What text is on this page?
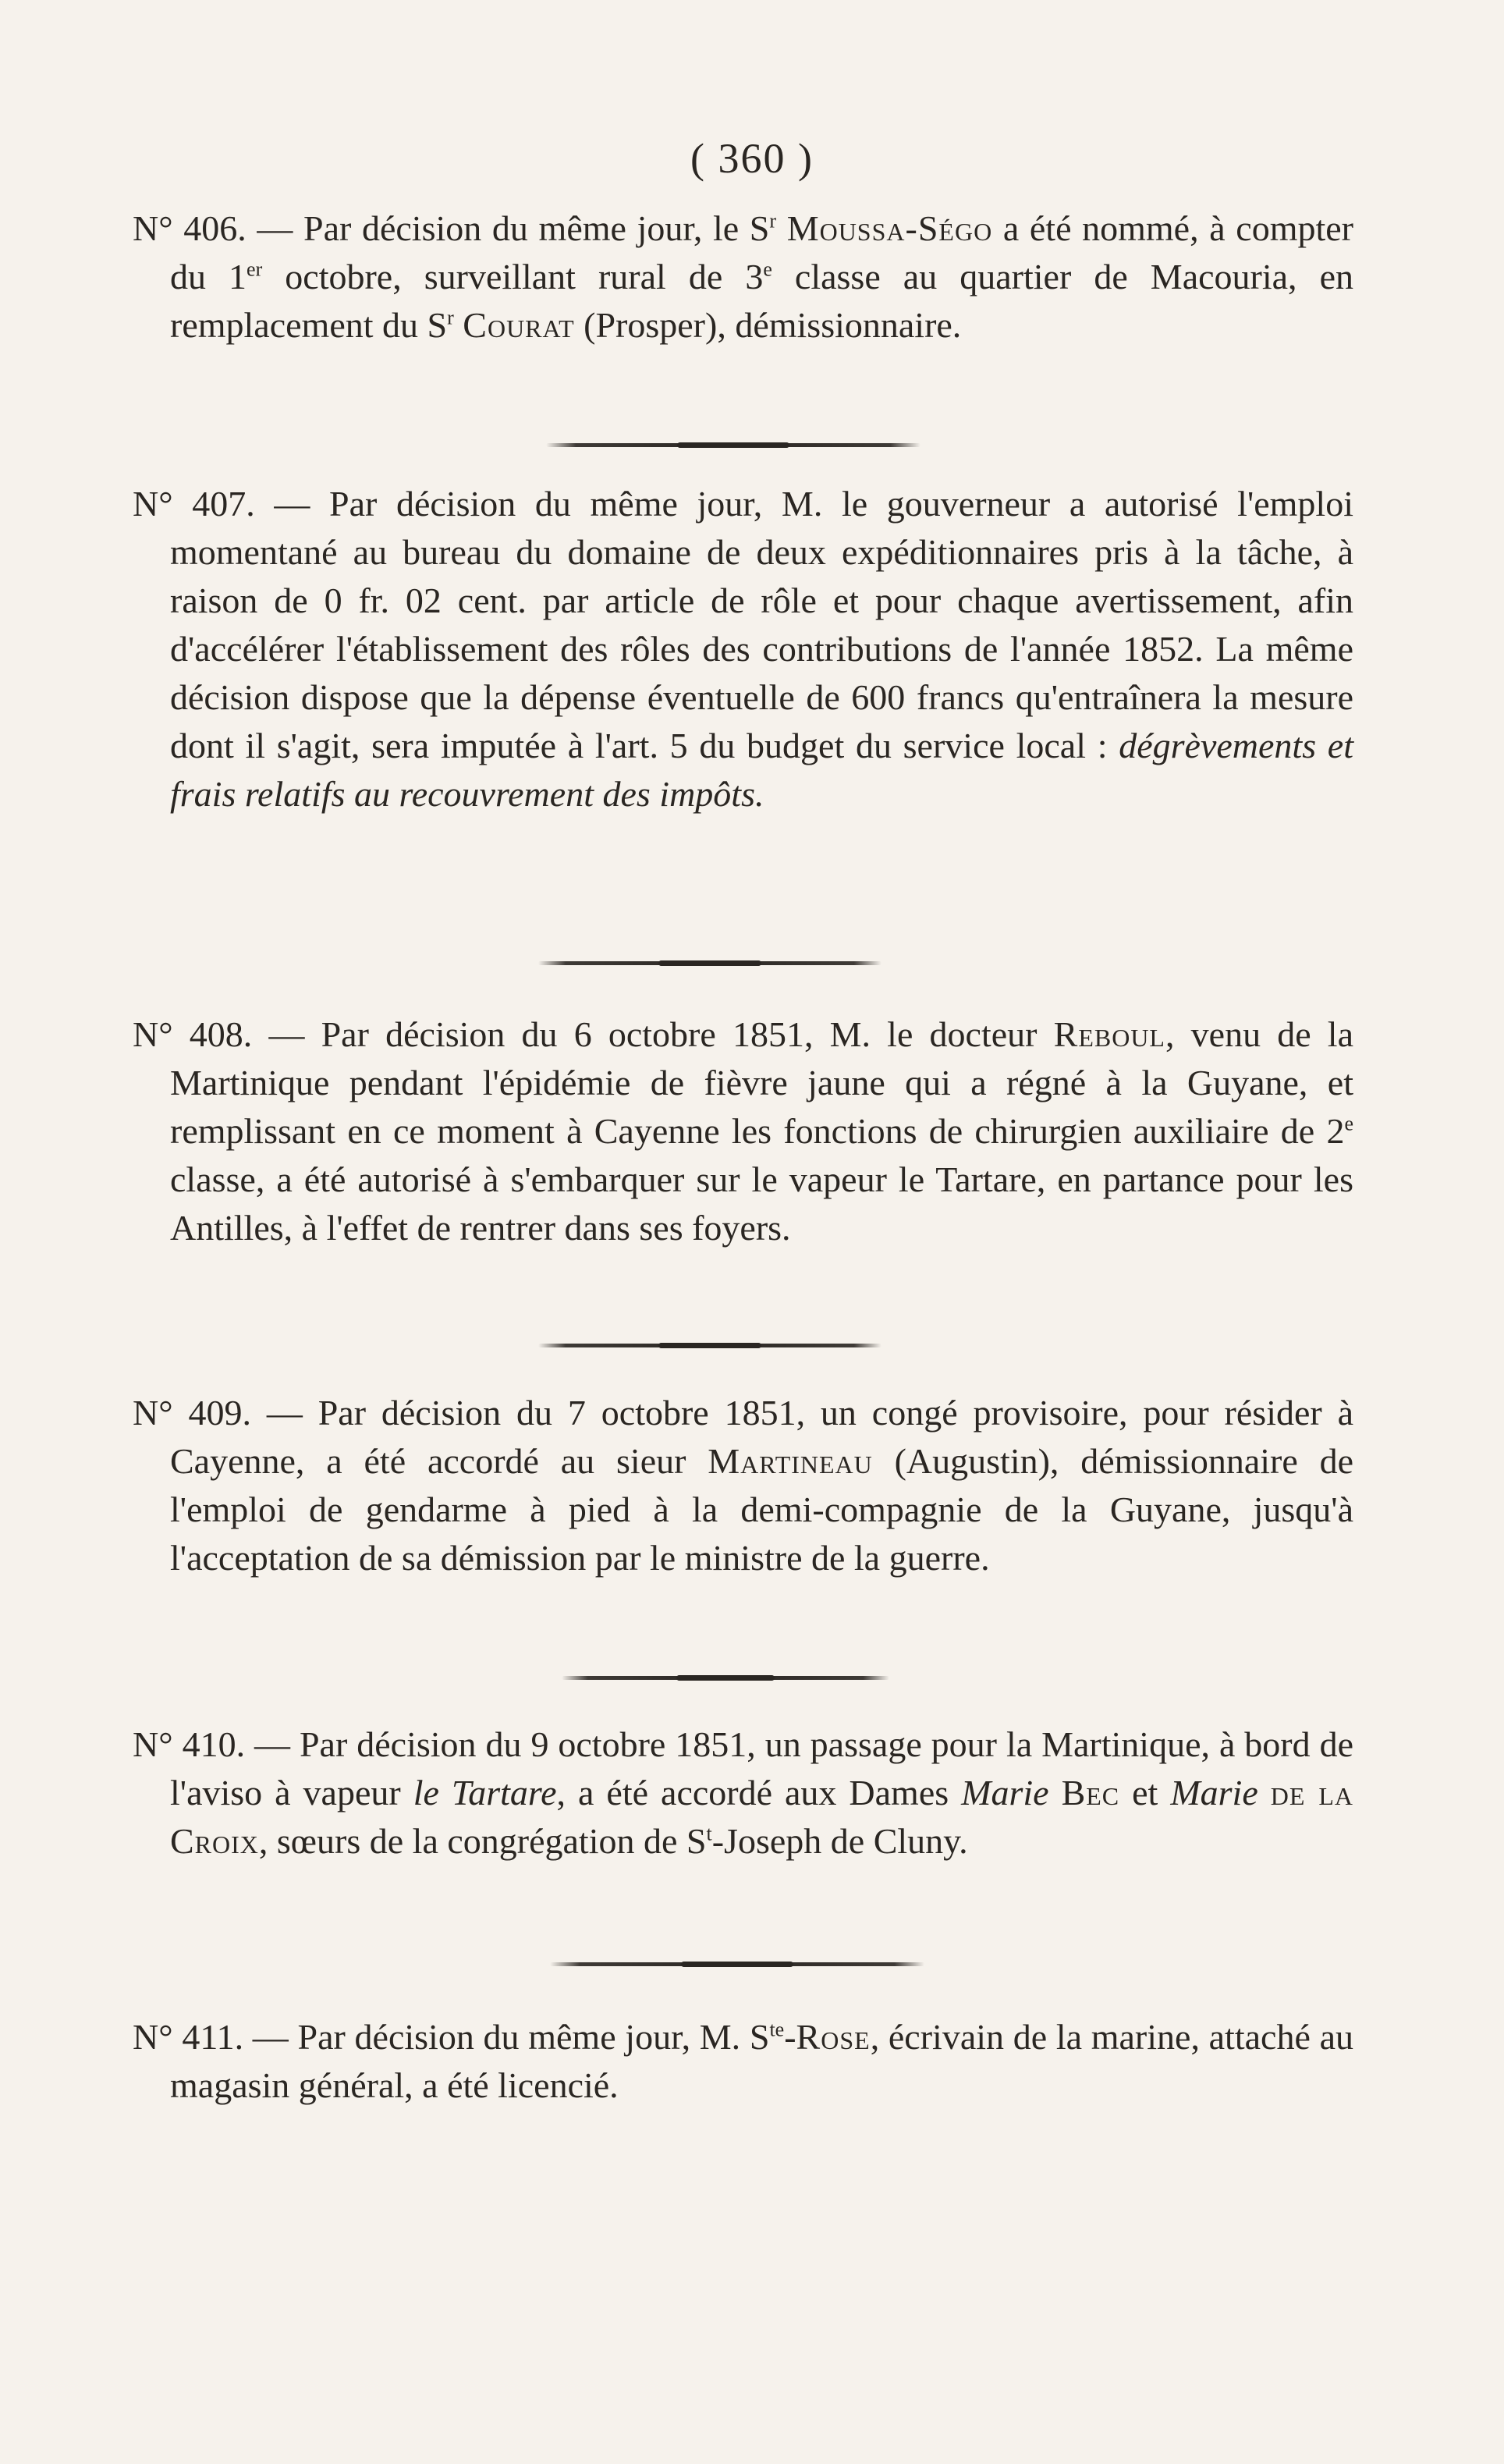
( 360 )
N° 406. — Par décision du même jour, le $S^r$ Moussa-Ségo a été nommé, à compter du 1er octobre, surveillant rural de 3e classe au quartier de Macouria, en remplacement du $S^r$ Courat (Prosper), démissionnaire.
N° 407. — Par décision du même jour, M. le gouverneur a autorisé l'emploi momentané au bureau du domaine de deux expéditionnaires pris à la tâche, à raison de 0 fr. 02 cent. par article de rôle et pour chaque avertissement, afin d'accélérer l'établissement des rôles des contributions de l'année 1852. La même décision dispose que la dépense éventuelle de 600 francs qu'entraînera la mesure dont il s'agit, sera imputée à l'art. 5 du budget du service local : dégrèvements et frais relatifs au recouvrement des impôts.
N° 408. — Par décision du 6 octobre 1851, M. le docteur Reboul, venu de la Martinique pendant l'épidémie de fièvre jaune qui a régné à la Guyane, et remplissant en ce moment à Cayenne les fonctions de chirurgien auxiliaire de 2e classe, a été autorisé à s'embarquer sur le vapeur le Tartare, en partance pour les Antilles, à l'effet de rentrer dans ses foyers.
N° 409. — Par décision du 7 octobre 1851, un congé provisoire, pour résider à Cayenne, a été accordé au sieur Martineau (Augustin), démissionnaire de l'emploi de gendarme à pied à la demi-compagnie de la Guyane, jusqu'à l'acceptation de sa démission par le ministre de la guerre.
N° 410. — Par décision du 9 octobre 1851, un passage pour la Martinique, à bord de l'aviso à vapeur le Tartare, a été accordé aux Dames Marie Bec et Marie de la Croix, sœurs de la congrégation de $S^t$-Joseph de Cluny.
N° 411. — Par décision du même jour, M. $S^{te}$-Rose, écrivain de la marine, attaché au magasin général, a été licencié.
